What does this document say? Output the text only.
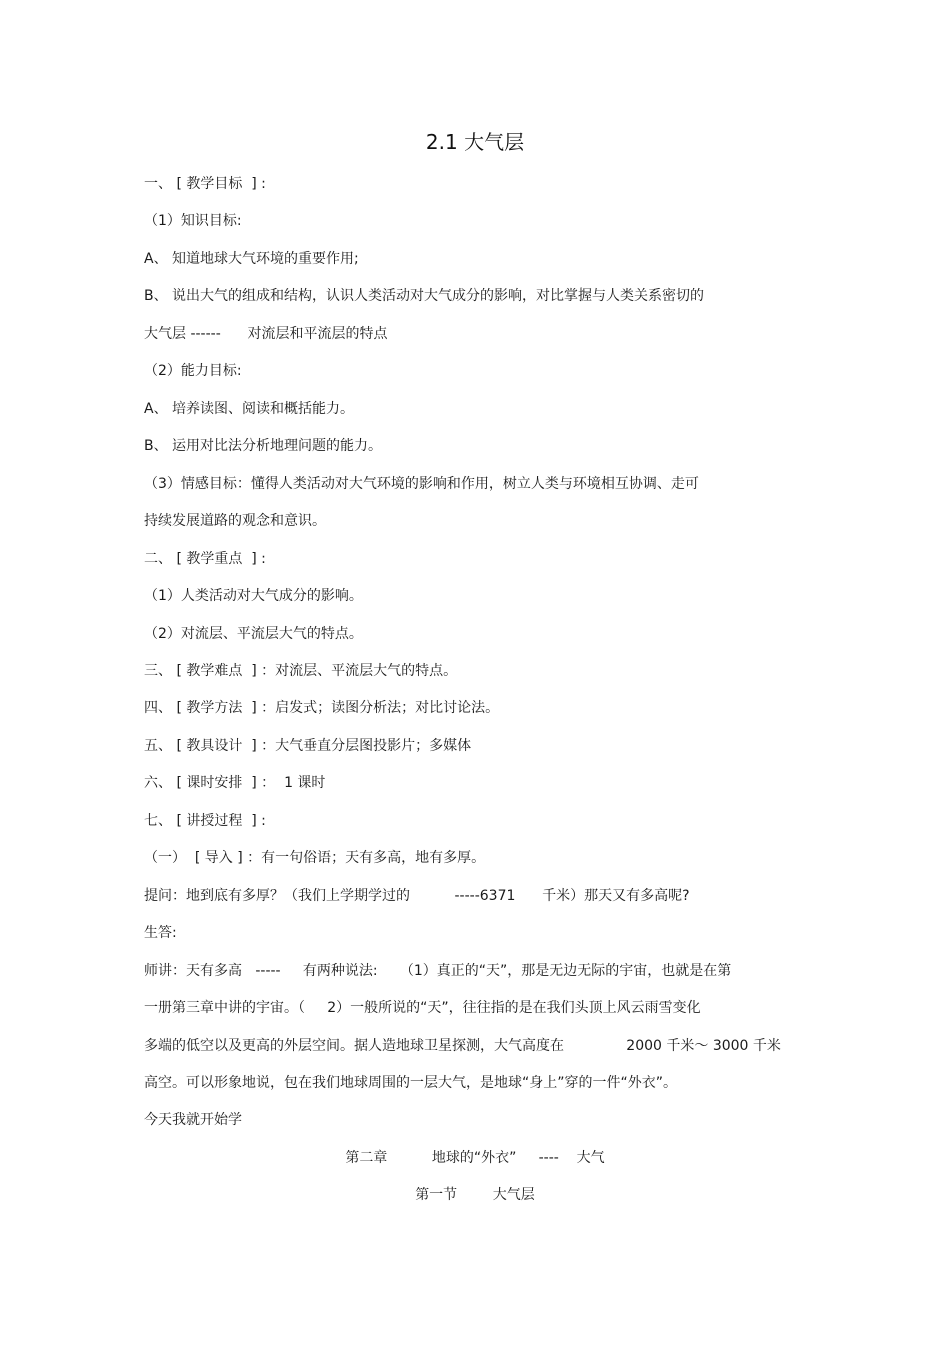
2.1 大气层
一、 [ 教学目标  ] :
（1）知识目标:
A、 知道地球大气环境的重要作用;
B、 说出大气的组成和结构，认识人类活动对大气成分的影响，对比掌握与人类关系密切的
大气层 ------      对流层和平流层的特点
（2）能力目标:
A、 培养读图、阅读和概括能力。
B、 运用对比法分析地理问题的能力。
（3）情感目标：懂得人类活动对大气环境的影响和作用，树立人类与环境相互协调、走可
持续发展道路的观念和意识。
二、 [ 教学重点  ] :
（1）人类活动对大气成分的影响。
（2）对流层、平流层大气的特点。
三、 [ 教学难点  ] ：对流层、平流层大气的特点。
四、 [ 教学方法  ] ：启发式；读图分析法；对比讨论法。
五、 [ 教具设计  ] ：大气垂直分层图投影片；多媒体
六、 [ 课时安排  ] ：  1 课时
七、 [ 讲授过程  ] :
（一）  [ 导入 ] ：有一句俗语；天有多高，地有多厚。
提问：地到底有多厚？（我们上学期学过的          -----6371      千米）那天又有多高呢?
生答:
师讲：天有多高   -----     有两种说法:     （1）真正的“天”，那是无边无际的宇宙，也就是在第
一册第三章中讲的宇宙。（     2）一般所说的“天”，往往指的是在我们头顶上风云雨雪变化
多端的低空以及更高的外层空间。据人造地球卫星探测，大气高度在              2000 千米～ 3000 千米
高空。可以形象地说，包在我们地球周围的一层大气，是地球“身上”穿的一件“外衣”。
今天我就开始学
第二章          地球的“外衣”     ----    大气
第一节        大气层
